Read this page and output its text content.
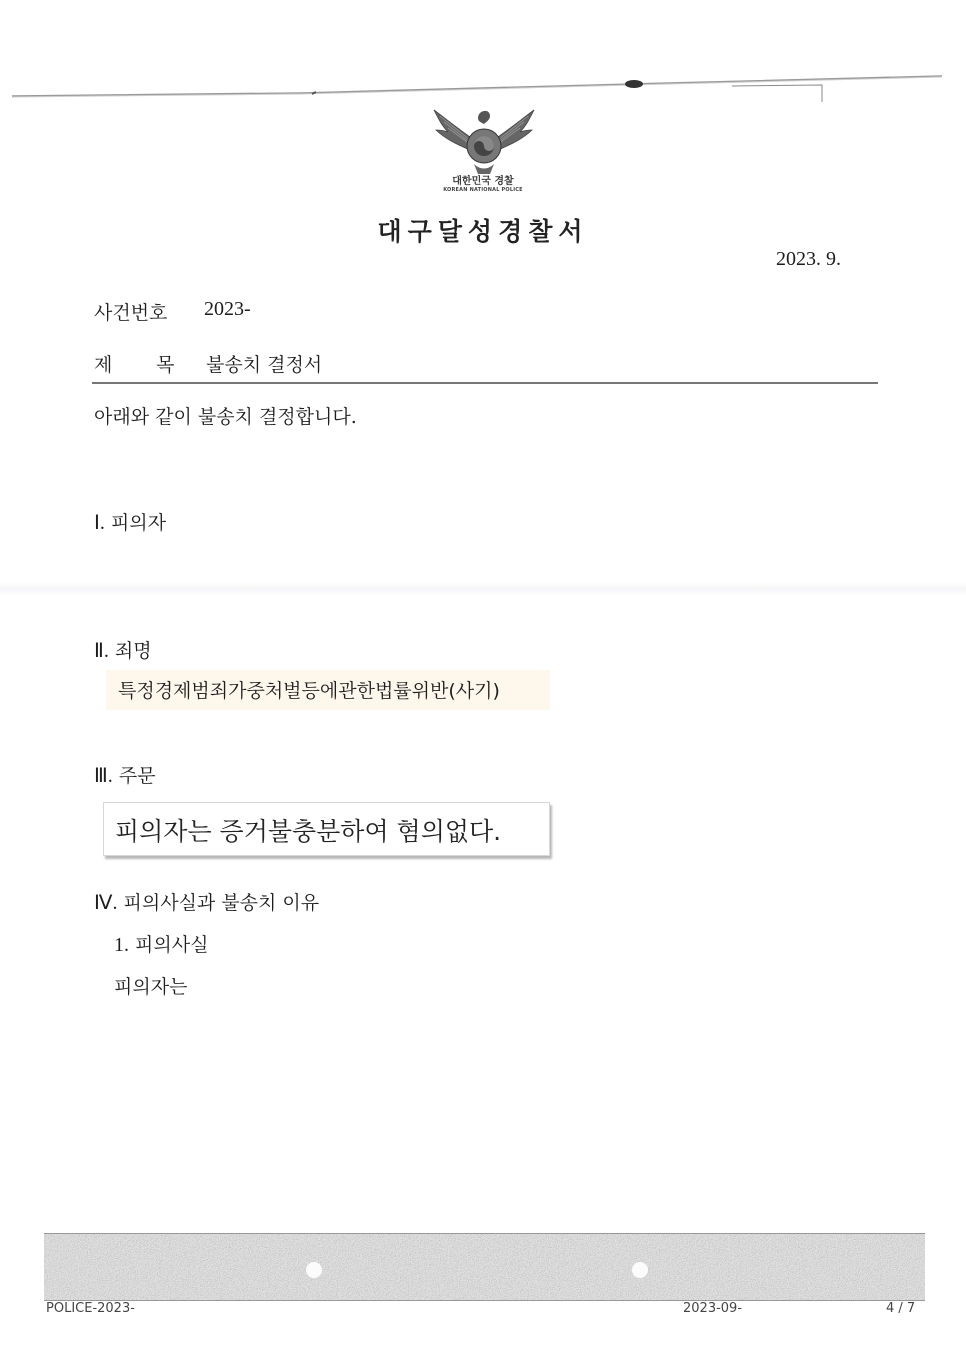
대한민국 경찰
KOREAN NATIONAL POLICE
대구달성경찰서
2023. 9.
사건번호 2023-
제 목 불송치 결정서
아래와 같이 불송치 결정합니다.
Ⅰ. 피의자
Ⅱ. 죄명
특정경제범죄가중처벌등에관한법률위반(사기)
Ⅲ. 주문
피의자는 증거불충분하여 혐의없다.
Ⅳ. 피의사실과 불송치 이유
1. 피의사실
피의자는
POLICE-2023-	2023-09-	4 / 7
